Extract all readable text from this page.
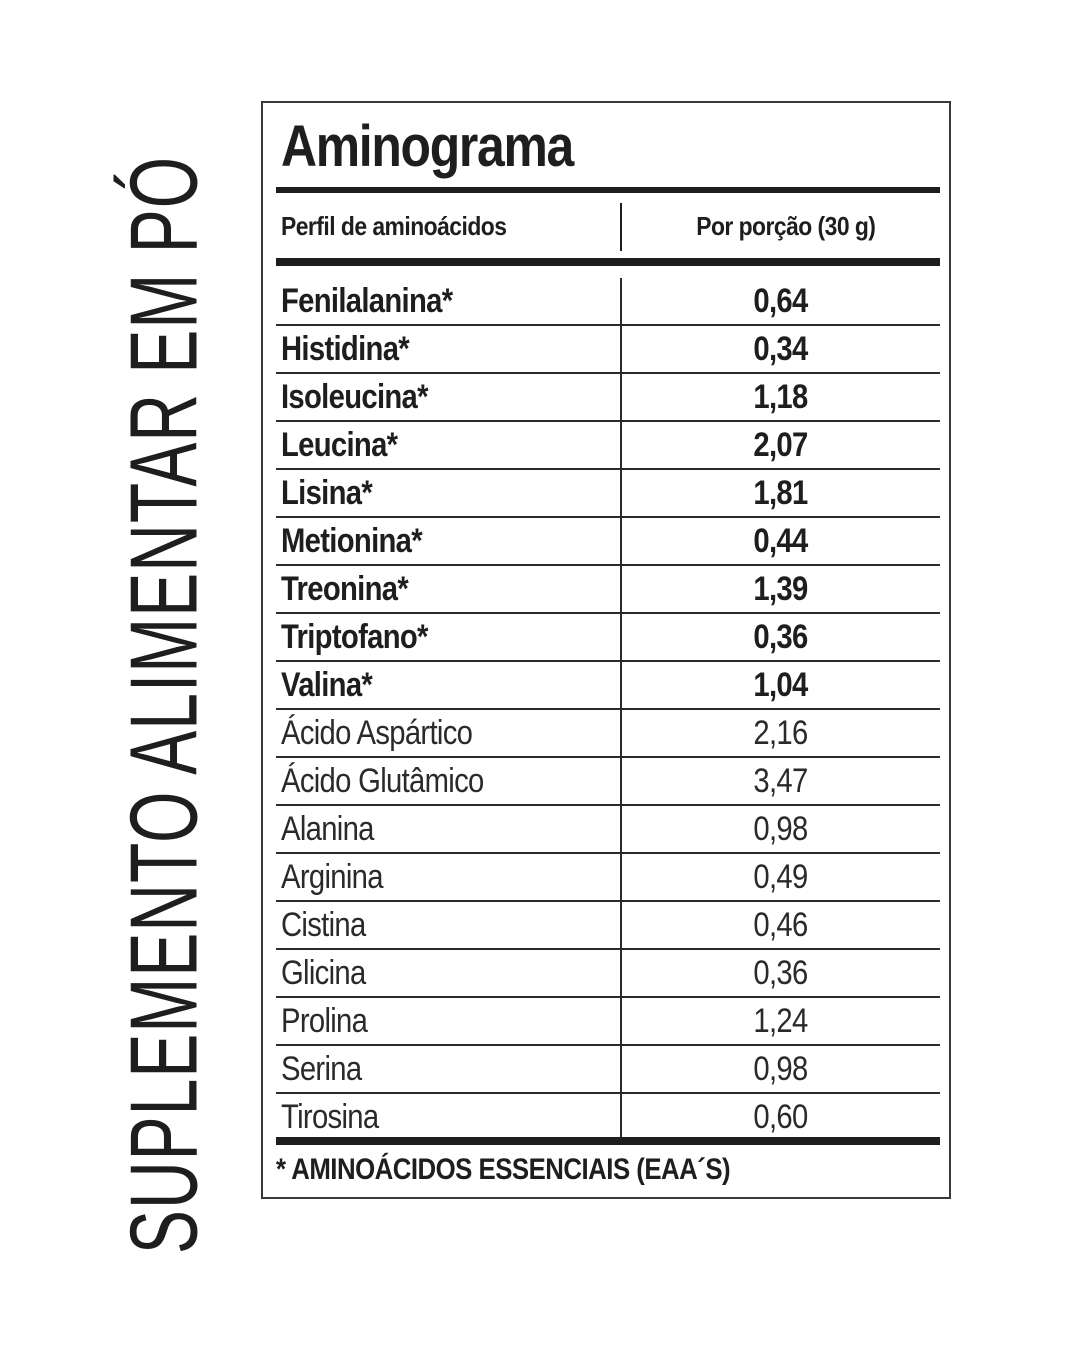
SUPLEMENTO ALIMENTAR EM PÓ
Aminograma
Perfil de aminoácidos	Por porção (30 g)
Fenilalanina*	0,64
Histidina*	0,34
Isoleucina*	1,18
Leucina*	2,07
Lisina*	1,81
Metionina*	0,44
Treonina*	1,39
Triptofano*	0,36
Valina*	1,04
Ácido Aspártico	2,16
Ácido Glutâmico	3,47
Alanina	0,98
Arginina	0,49
Cistina	0,46
Glicina	0,36
Prolina	1,24
Serina	0,98
Tirosina	0,60
* AMINOÁCIDOS ESSENCIAIS (EAA´S)
